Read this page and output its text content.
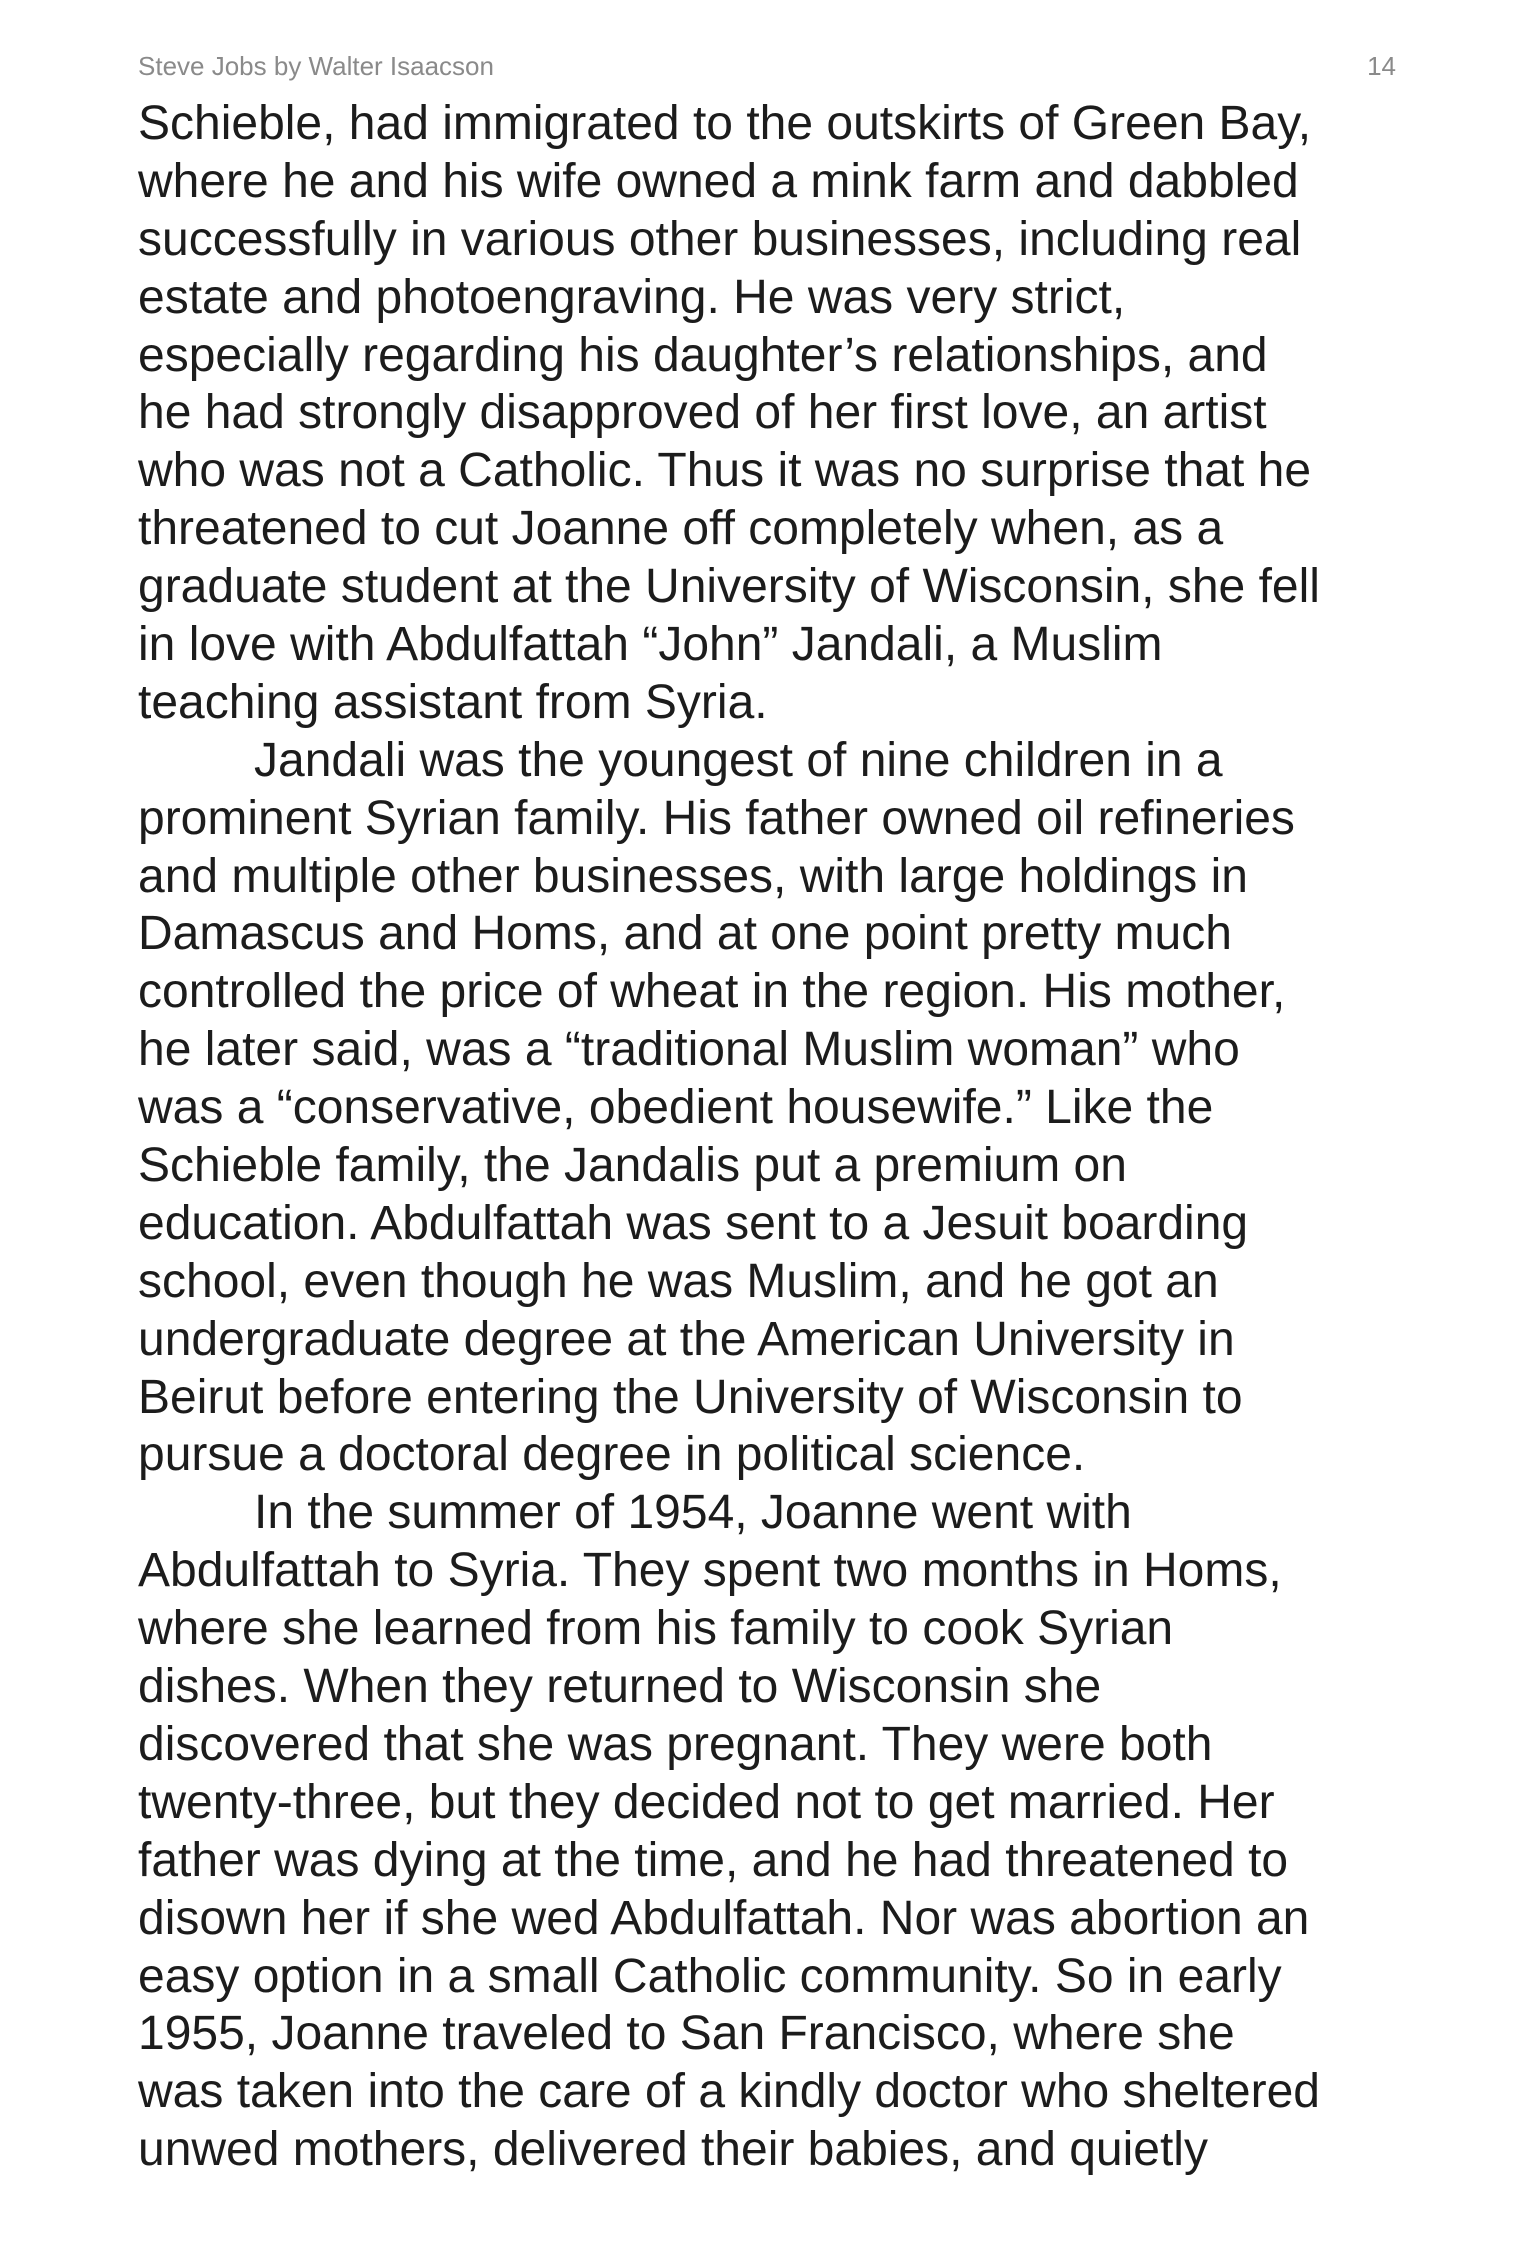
Steve Jobs by Walter Isaacson	14
Schieble, had immigrated to the outskirts of Green Bay,
where he and his wife owned a mink farm and dabbled
successfully in various other businesses, including real
estate and photoengraving. He was very strict,
especially regarding his daughter’s relationships, and
he had strongly disapproved of her first love, an artist
who was not a Catholic. Thus it was no surprise that he
threatened to cut Joanne off completely when, as a
graduate student at the University of Wisconsin, she fell
in love with Abdulfattah “John” Jandali, a Muslim
teaching assistant from Syria.
Jandali was the youngest of nine children in a
prominent Syrian family. His father owned oil refineries
and multiple other businesses, with large holdings in
Damascus and Homs, and at one point pretty much
controlled the price of wheat in the region. His mother,
he later said, was a “traditional Muslim woman” who
was a “conservative, obedient housewife.” Like the
Schieble family, the Jandalis put a premium on
education. Abdulfattah was sent to a Jesuit boarding
school, even though he was Muslim, and he got an
undergraduate degree at the American University in
Beirut before entering the University of Wisconsin to
pursue a doctoral degree in political science.
In the summer of 1954, Joanne went with
Abdulfattah to Syria. They spent two months in Homs,
where she learned from his family to cook Syrian
dishes. When they returned to Wisconsin she
discovered that she was pregnant. They were both
twenty-three, but they decided not to get married. Her
father was dying at the time, and he had threatened to
disown her if she wed Abdulfattah. Nor was abortion an
easy option in a small Catholic community. So in early
1955, Joanne traveled to San Francisco, where she
was taken into the care of a kindly doctor who sheltered
unwed mothers, delivered their babies, and quietly
